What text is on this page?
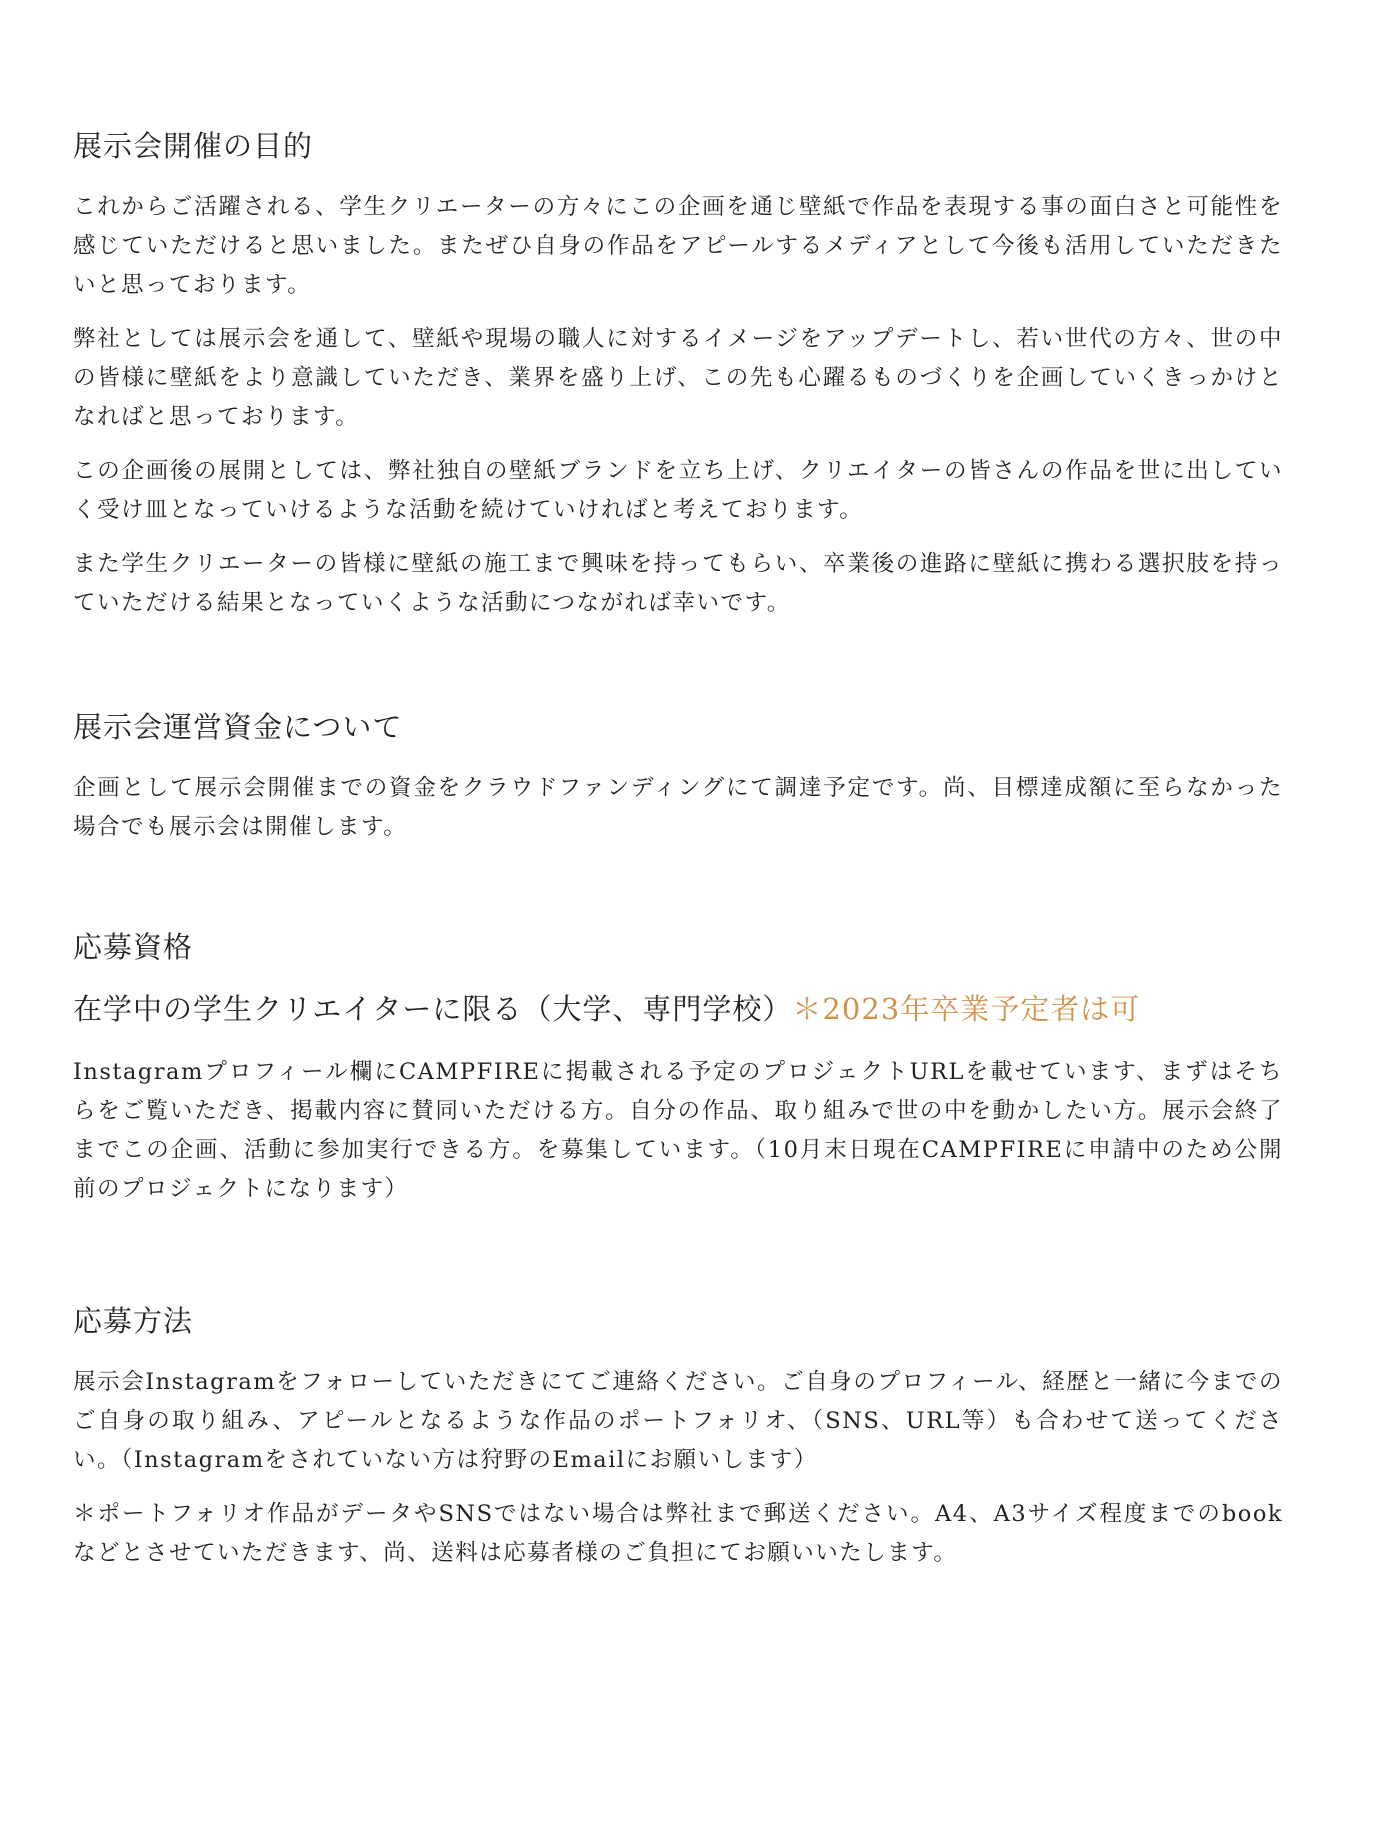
展示会開催の目的

これからご活躍される、学生クリエーターの方々にこの企画を通じ壁紙で作品を表現する事の面白さと可能性を感じていただけると思いました。またぜひ自身の作品をアピールするメディアとして今後も活用していただきたいと思っております。

弊社としては展示会を通して、壁紙や現場の職人に対するイメージをアップデートし、若い世代の方々、世の中の皆様に壁紙をより意識していただき、業界を盛り上げ、この先も心躍るものづくりを企画していくきっかけとなればと思っております。

この企画後の展開としては、弊社独自の壁紙ブランドを立ち上げ、クリエイターの皆さんの作品を世に出していく受け皿となっていけるような活動を続けていければと考えております。

また学生クリエーターの皆様に壁紙の施工まで興味を持ってもらい、卒業後の進路に壁紙に携わる選択肢を持っていただける結果となっていくような活動につながれば幸いです。

展示会運営資金について

企画として展示会開催までの資金をクラウドファンディングにて調達予定です。尚、目標達成額に至らなかった場合でも展示会は開催します。

応募資格
在学中の学生クリエイターに限る（大学、専門学校）＊2023年卒業予定者は可

Instagramプロフィール欄にCAMPFIREに掲載される予定のプロジェクトURLを載せています、まずはそちらをご覧いただき、掲載内容に賛同いただける方。自分の作品、取り組みで世の中を動かしたい方。展示会終了までこの企画、活動に参加実行できる方。を募集しています。（10月末日現在CAMPFIREに申請中のため公開前のプロジェクトになります）

応募方法

展示会Instagramをフォローしていただきにてご連絡ください。ご自身のプロフィール、経歴と一緒に今までのご自身の取り組み、アピールとなるような作品のポートフォリオ、（SNS、URL等）も合わせて送ってください。（Instagramをされていない方は狩野のEmailにお願いします）

＊ポートフォリオ作品がデータやSNSではない場合は弊社まで郵送ください。A4、A3サイズ程度までのbook などとさせていただきます、尚、送料は応募者様のご負担にてお願いいたします。
